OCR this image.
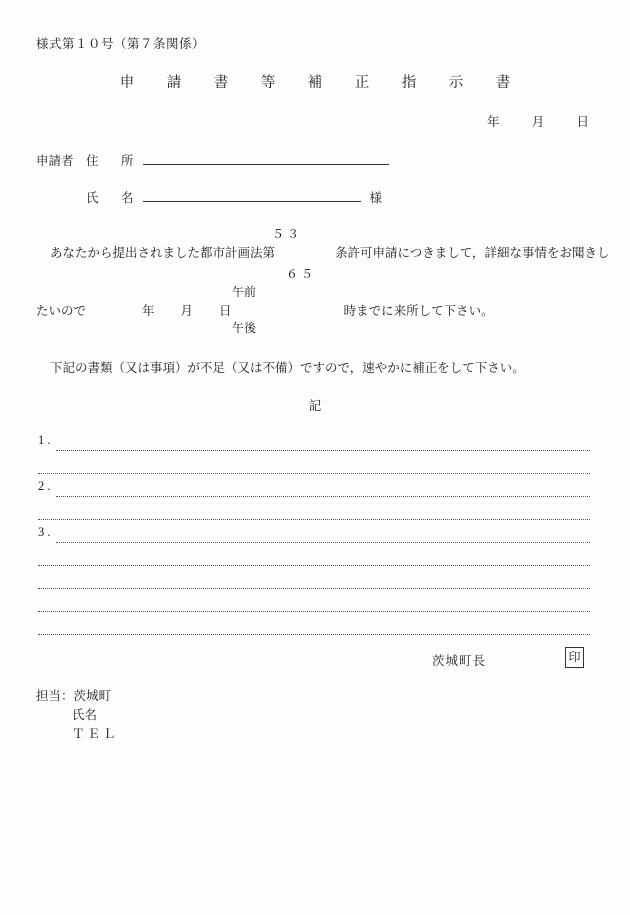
様式第１０号（第７条関係）
申　請　書　等　補　正　指　示　書
年	月	日
申請者 住　所
氏　名	様
５３
あなたから提出されました都市計画法第	条許可申請につきまして，詳細な事情をお聞きし
６５
午前
午後
たいので	年 月 日	時までに来所して下さい。
下記の書類（又は事項）が不足（又は不備）ですので，速やかに補正をして下さい。
記
1 .
2 .
3 .
茨城町長	印
担当：茨城町
氏名
ＴＥＬ
